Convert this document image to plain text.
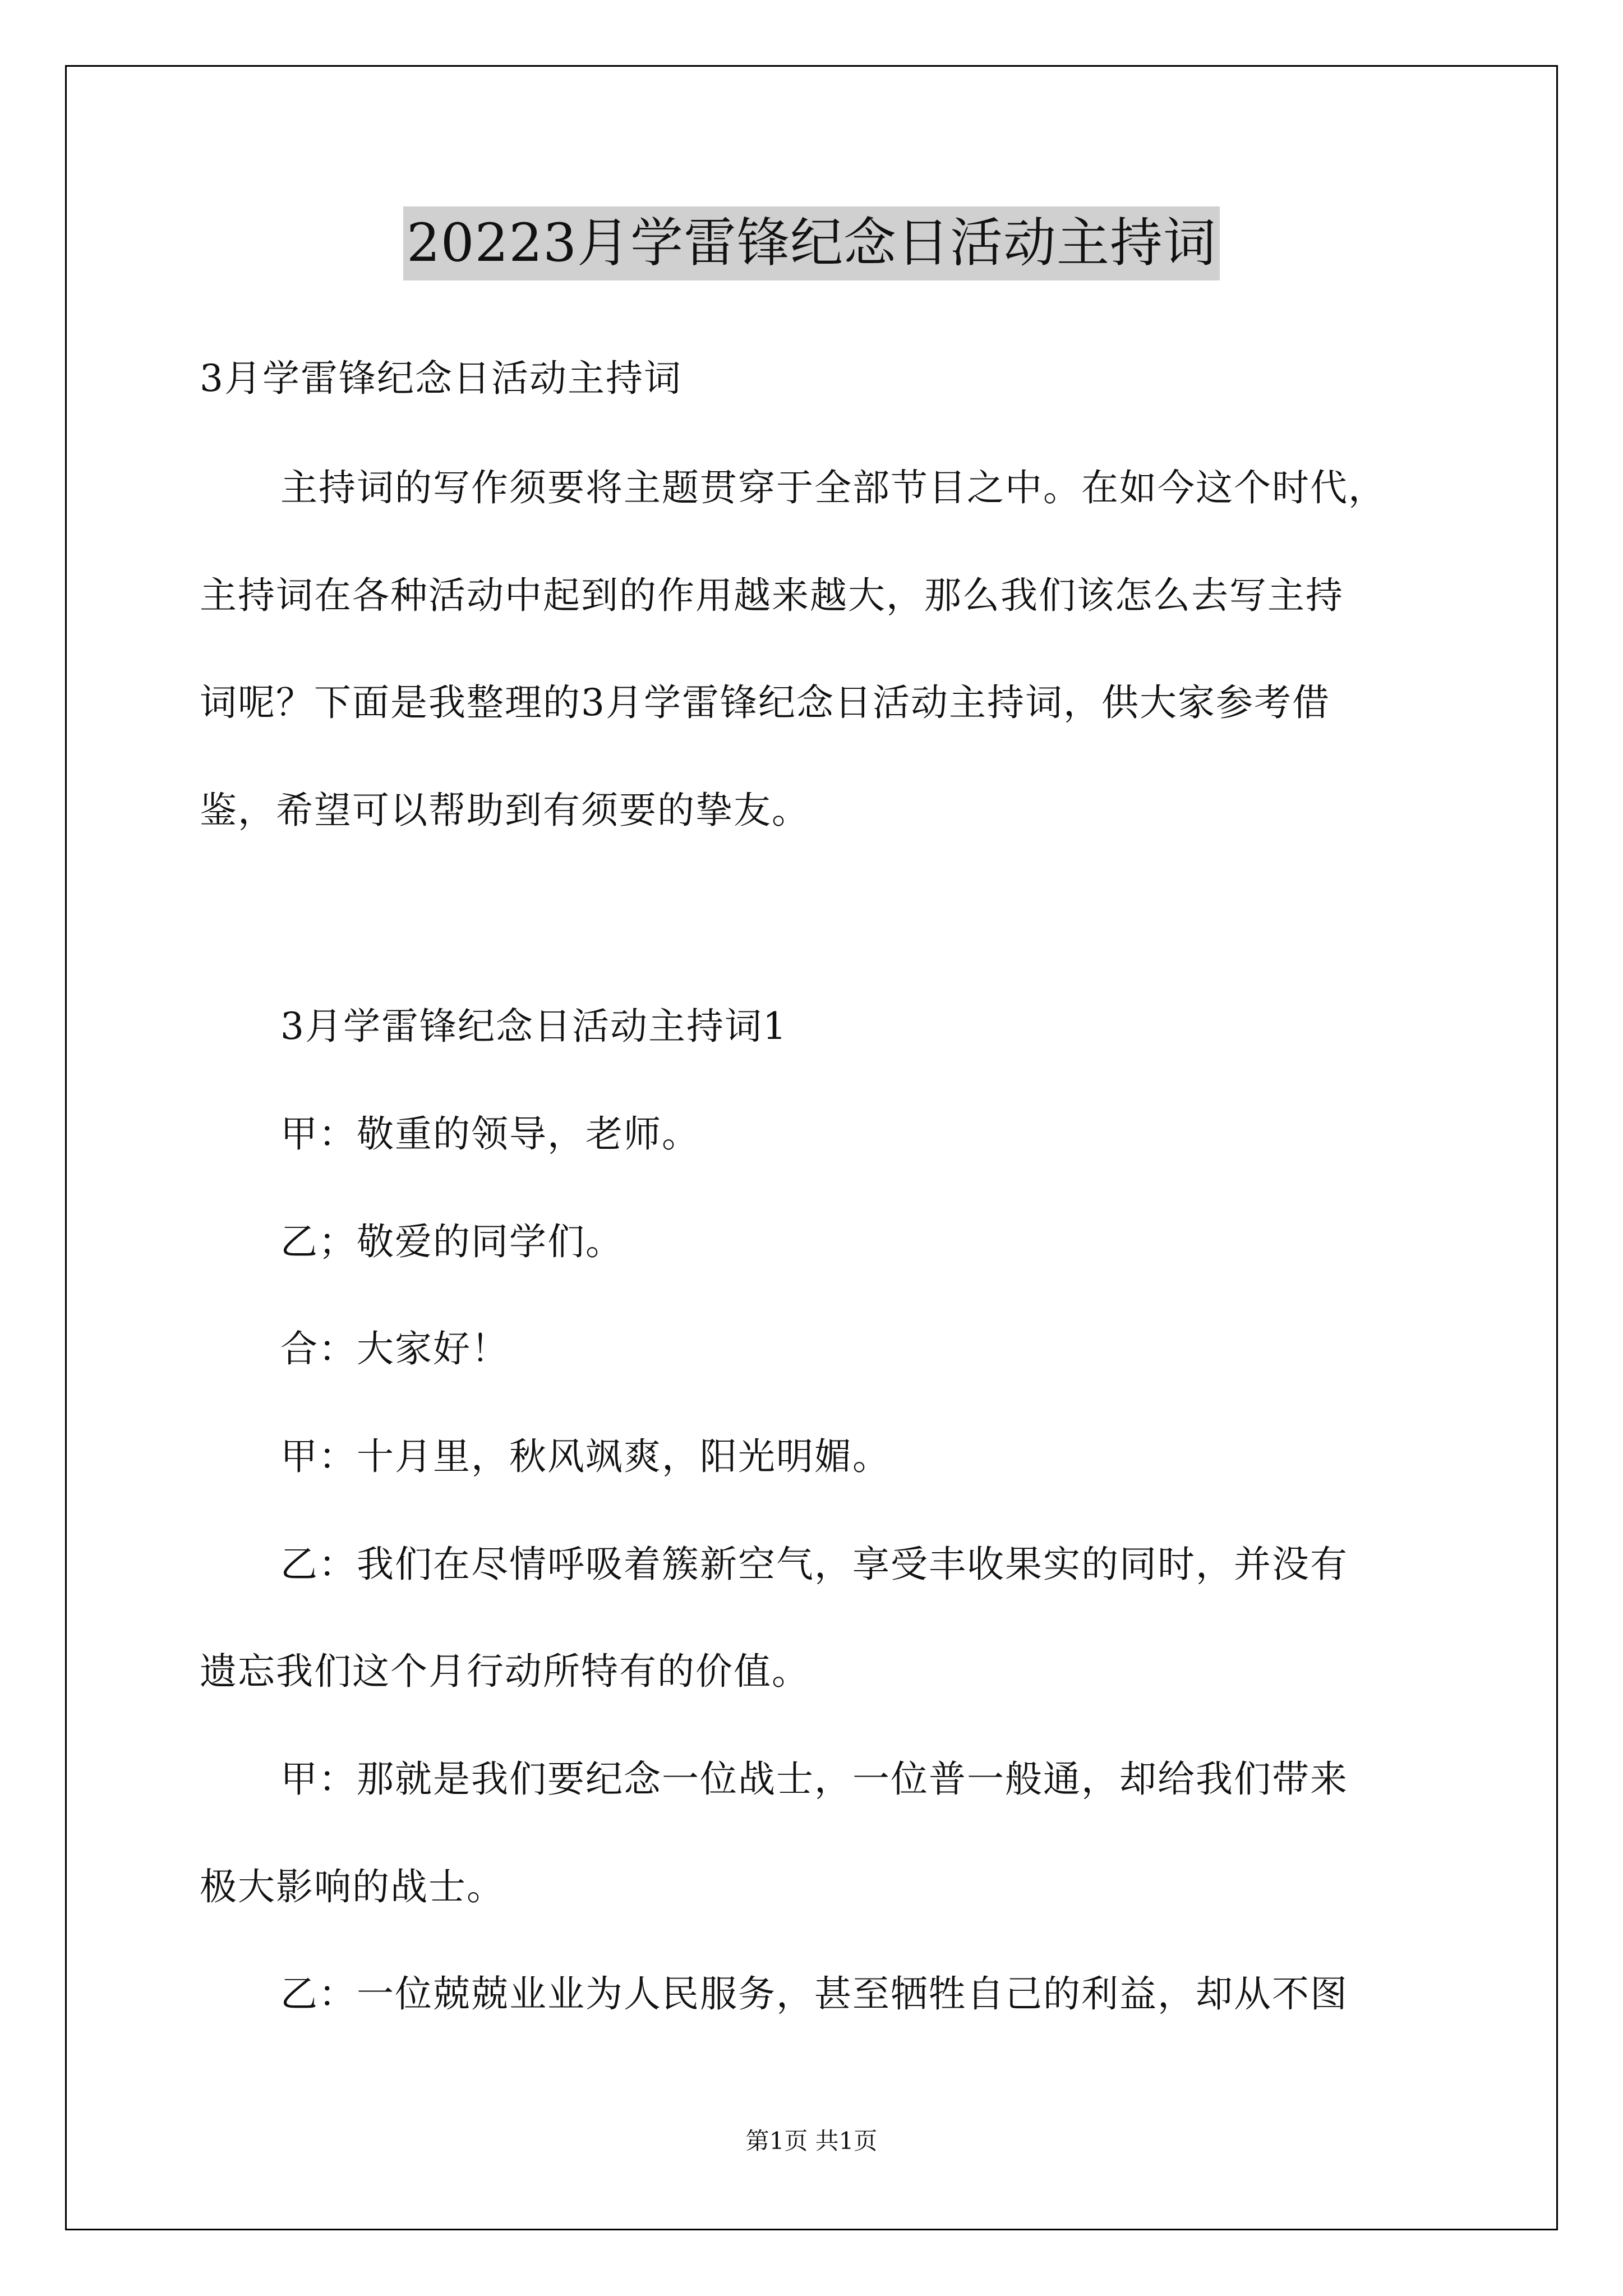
20223月学雷锋纪念日活动主持词
3月学雷锋纪念日活动主持词
主持词的写作须要将主题贯穿于全部节目之中。在如今这个时代，
主持词在各种活动中起到的作用越来越大，那么我们该怎么去写主持
词呢？下面是我整理的3月学雷锋纪念日活动主持词，供大家参考借
鉴，希望可以帮助到有须要的挚友。
3月学雷锋纪念日活动主持词1
甲：敬重的领导，老师。
乙；敬爱的同学们。
合：大家好！
甲：十月里，秋风飒爽，阳光明媚。
乙：我们在尽情呼吸着簇新空气，享受丰收果实的同时，并没有
遗忘我们这个月行动所特有的价值。
甲：那就是我们要纪念一位战士，一位普一般通，却给我们带来
极大影响的战士。
乙：一位兢兢业业为人民服务，甚至牺牲自己的利益，却从不图
第1页 共1页
